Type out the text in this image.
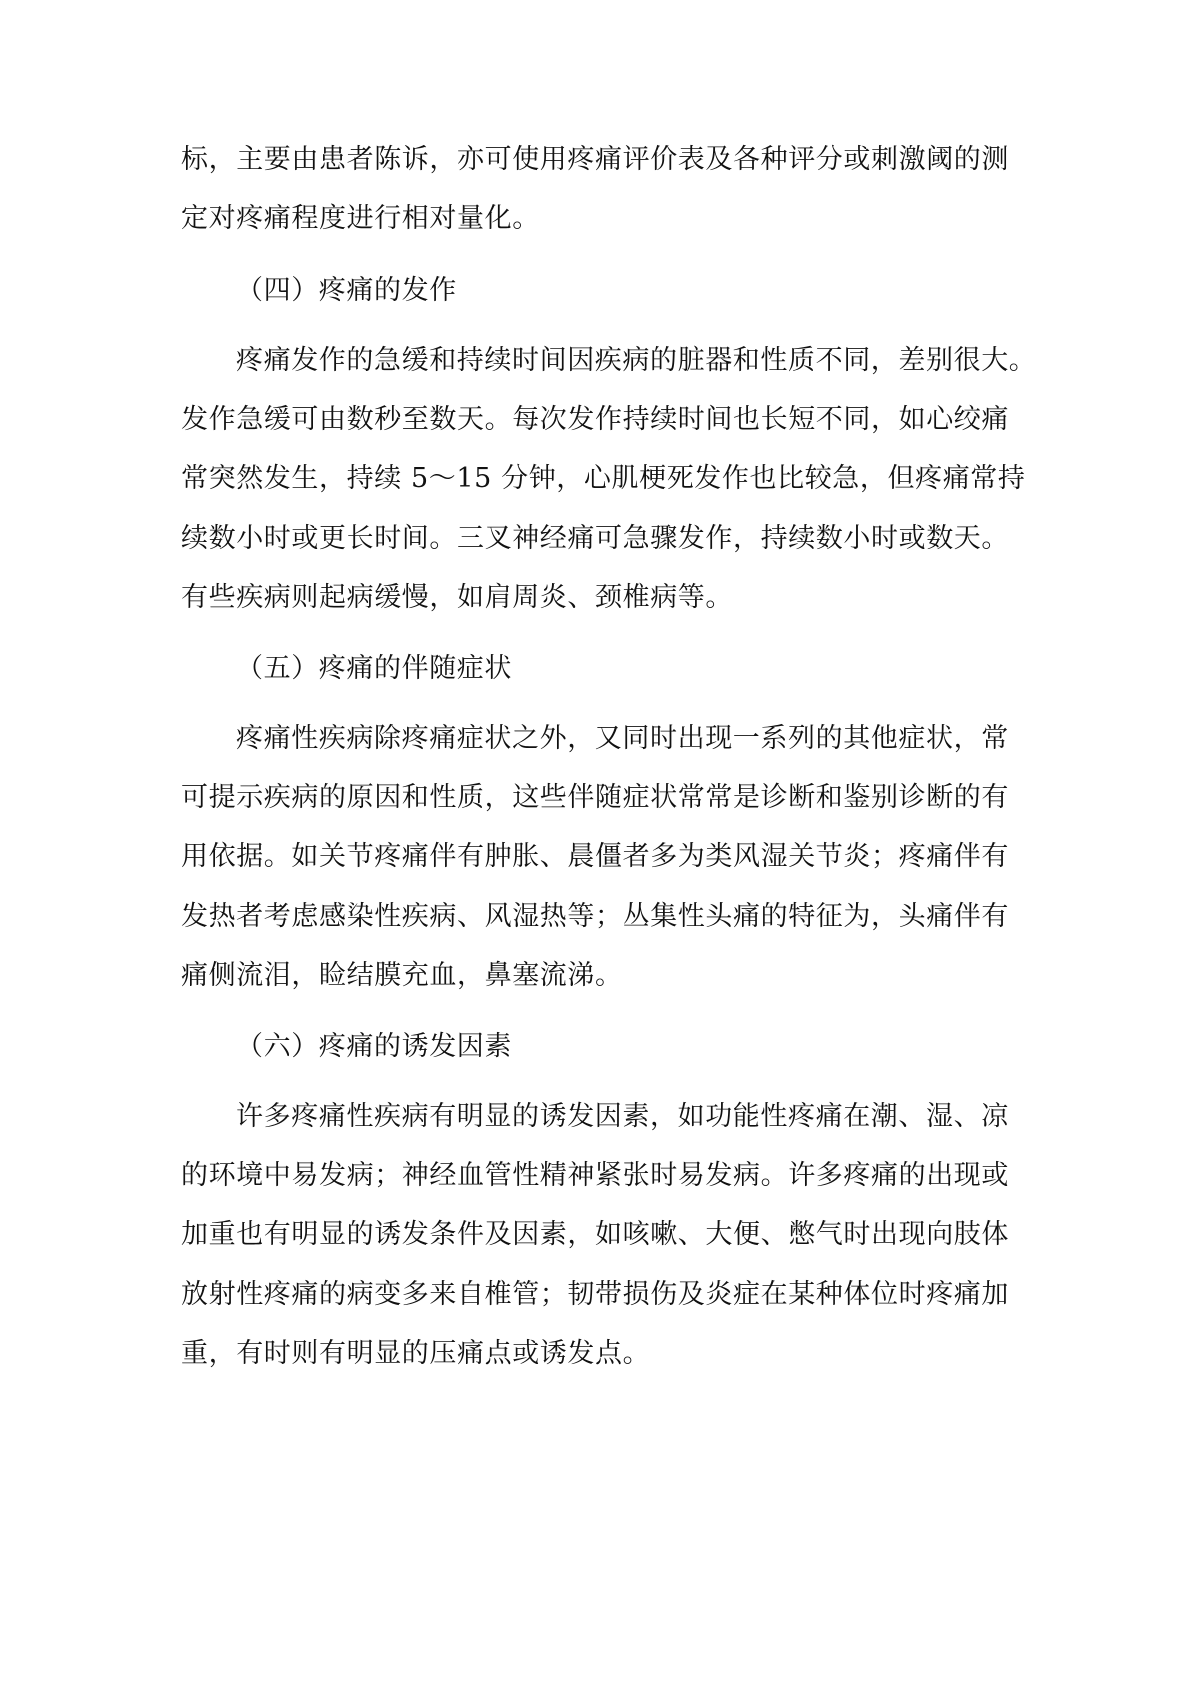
标，主要由患者陈诉，亦可使用疼痛评价表及各种评分或刺激阈的测

定对疼痛程度进行相对量化。

（四）疼痛的发作

疼痛发作的急缓和持续时间因疾病的脏器和性质不同，差别很大。

发作急缓可由数秒至数天。每次发作持续时间也长短不同，如心绞痛

常突然发生，持续 5～15 分钟，心肌梗死发作也比较急，但疼痛常持

续数小时或更长时间。三叉神经痛可急骤发作，持续数小时或数天。

有些疾病则起病缓慢，如肩周炎、颈椎病等。

（五）疼痛的伴随症状

疼痛性疾病除疼痛症状之外，又同时出现一系列的其他症状，常

可提示疾病的原因和性质，这些伴随症状常常是诊断和鉴别诊断的有

用依据。如关节疼痛伴有肿胀、晨僵者多为类风湿关节炎；疼痛伴有

发热者考虑感染性疾病、风湿热等；丛集性头痛的特征为，头痛伴有

痛侧流泪，睑结膜充血，鼻塞流涕。

（六）疼痛的诱发因素

许多疼痛性疾病有明显的诱发因素，如功能性疼痛在潮、湿、凉

的环境中易发病；神经血管性精神紧张时易发病。许多疼痛的出现或

加重也有明显的诱发条件及因素，如咳嗽、大便、憋气时出现向肢体

放射性疼痛的病变多来自椎管；韧带损伤及炎症在某种体位时疼痛加

重，有时则有明显的压痛点或诱发点。
